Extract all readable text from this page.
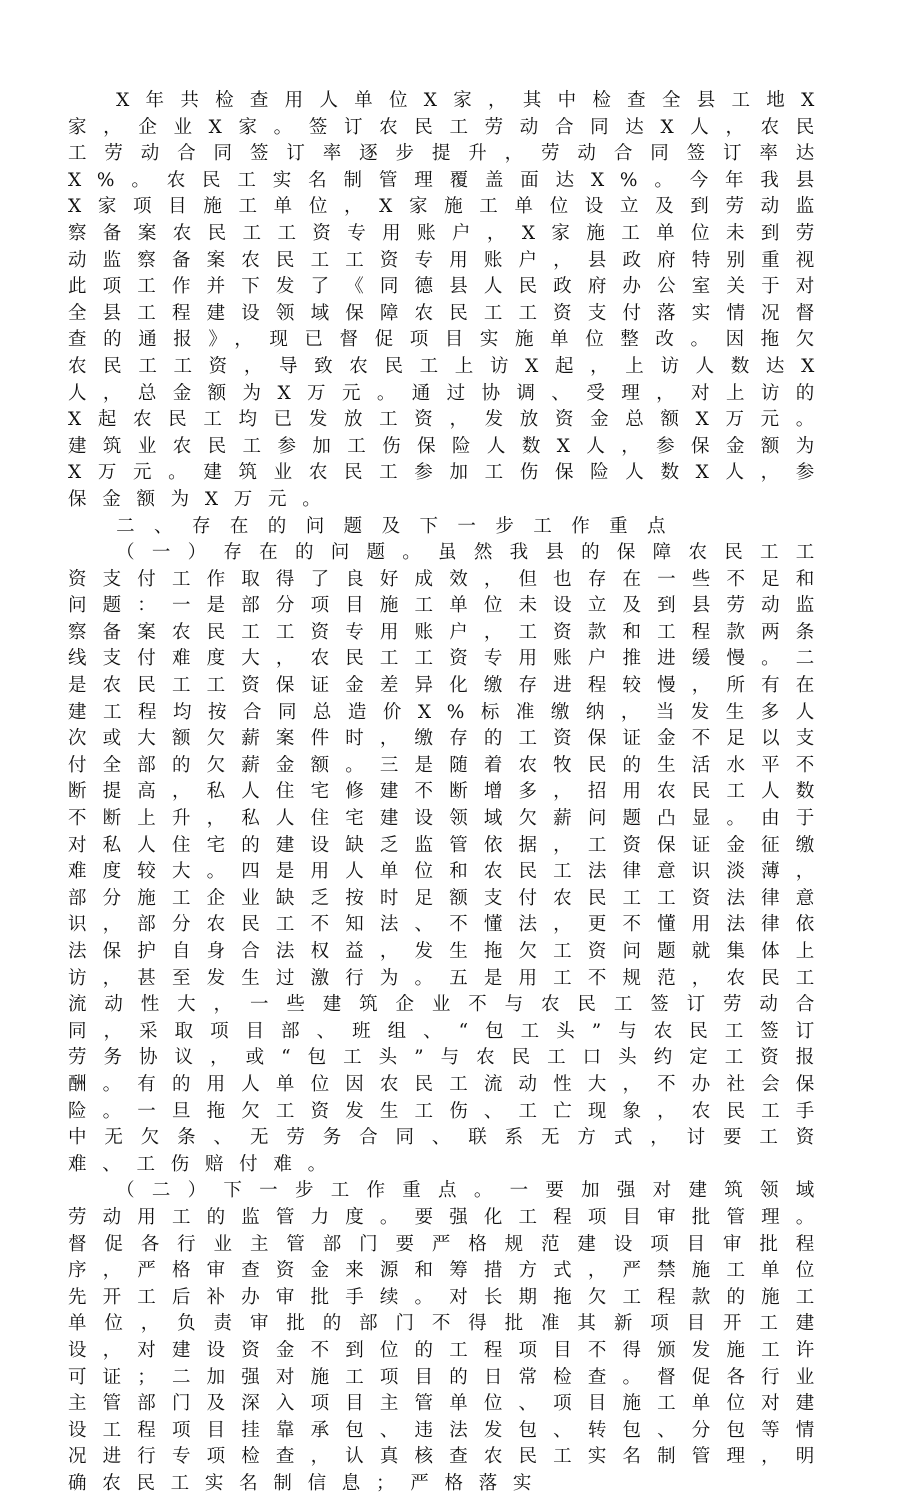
X年共检查用人单位X家，其中检查全县工地X家，企业X家。签订农民工劳动合同达X人，农民工劳动合同签订率逐步提升，劳动合同签订率达X%。农民工实名制管理覆盖面达X%。今年我县X家项目施工单位，X家施工单位设立及到劳动监察备案农民工工资专用账户，X家施工单位未到劳动监察备案农民工工资专用账户，县政府特别重视此项工作并下发了《同德县人民政府办公室关于对全县工程建设领域保障农民工工资支付落实情况督查的通报》，现已督促项目实施单位整改。因拖欠农民工工资，导致农民工上访X起，上访人数达X人，总金额为X万元。通过协调、受理，对上访的X起农民工均已发放工资，发放资金总额X万元。建筑业农民工参加工伤保险人数X人，参保金额为X万元。建筑业农民工参加工伤保险人数X人，参保金额为X万元。

二、存在的问题及下一步工作重点

（一）存在的问题。虽然我县的保障农民工工资支付工作取得了良好成效，但也存在一些不足和问题：一是部分项目施工单位未设立及到县劳动监察备案农民工工资专用账户，工资款和工程款两条线支付难度大，农民工工资专用账户推进缓慢。二是农民工工资保证金差异化缴存进程较慢，所有在建工程均按合同总造价X%标准缴纳，当发生多人次或大额欠薪案件时，缴存的工资保证金不足以支付全部的欠薪金额。三是随着农牧民的生活水平不断提高，私人住宅修建不断增多，招用农民工人数不断上升，私人住宅建设领域欠薪问题凸显。由于对私人住宅的建设缺乏监管依据，工资保证金征缴难度较大。四是用人单位和农民工法律意识淡薄，部分施工企业缺乏按时足额支付农民工工资法律意识，部分农民工不知法、不懂法，更不懂用法律依法保护自身合法权益，发生拖欠工资问题就集体上访，甚至发生过激行为。五是用工不规范，农民工流动性大，一些建筑企业不与农民工签订劳动合同，采取项目部、班组、“包工头”与农民工签订劳务协议，或“包工头”与农民工口头约定工资报酬。有的用人单位因农民工流动性大，不办社会保险。一旦拖欠工资发生工伤、工亡现象，农民工手中无欠条、无劳务合同、联系无方式，讨要工资难、工伤赔付难。

（二）下一步工作重点。一要加强对建筑领域劳动用工的监管力度。要强化工程项目审批管理。督促各行业主管部门要严格规范建设项目审批程序，严格审查资金来源和筹措方式，严禁施工单位先开工后补办审批手续。对长期拖欠工程款的施工单位，负责审批的部门不得批准其新项目开工建设，对建设资金不到位的工程项目不得颁发施工许可证；二加强对施工项目的日常检查。督促各行业主管部门及深入项目主管单位、项目施工单位对建设工程项目挂靠承包、违法发包、转包、分包等情况进行专项检查，认真核查农民工实名制管理，明确农民工实名制信息；严格落实
